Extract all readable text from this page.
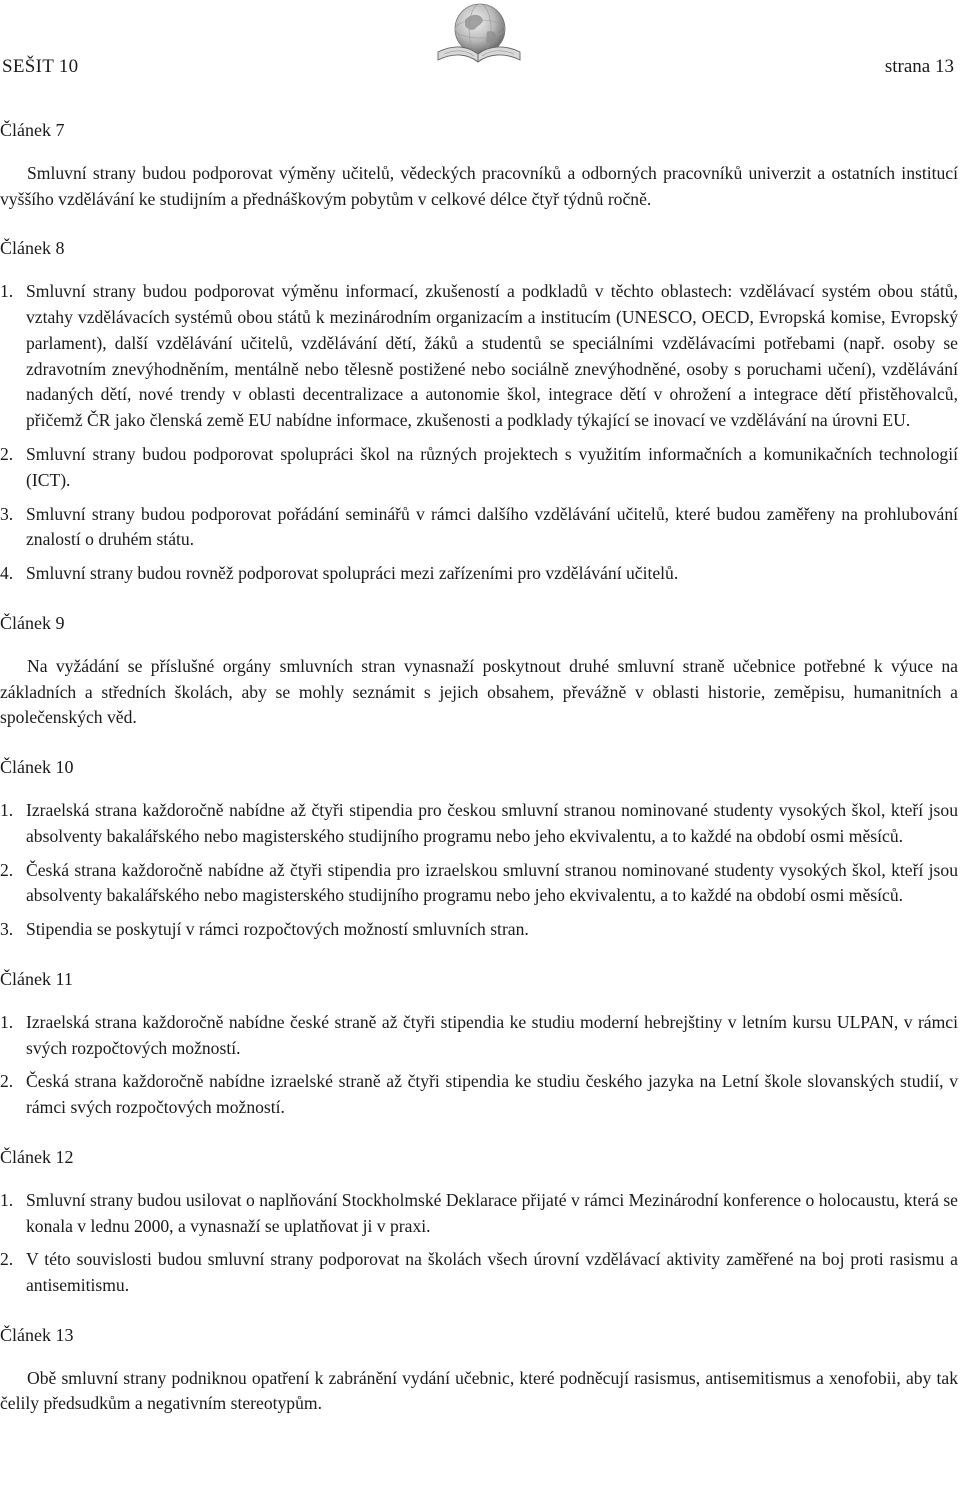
SEŠIT 10	strana 13
Článek 7

Smluvní strany budou podporovat výměny učitelů, vědeckých pracovníků a odborných pracovníků univerzit a ostatních institucí vyššího vzdělávání ke studijním a přednáškovým pobytům v celkové délce čtyř týdnů ročně.

Článek 8
1. Smluvní strany budou podporovat výměnu informací, zkušeností a podkladů v těchto oblastech: vzdělávací systém obou států, vztahy vzdělávacích systémů obou států k mezinárodním organizacím a institucím (UNESCO, OECD, Evropská komise, Evropský parlament), další vzdělávání učitelů, vzdělávání dětí, žáků a studentů se speciálními vzdělávacími potřebami (např. osoby se zdravotním znevýhodněním, mentálně nebo tělesně postižené nebo sociálně znevýhodněné, osoby s poruchami učení), vzdělávání nadaných dětí, nové trendy v oblasti decentralizace a autonomie škol, integrace dětí v ohrožení a integrace dětí přistěhovalců, přičemž ČR jako členská země EU nabídne informace, zkušenosti a podklady týkající se inovací ve vzdělávání na úrovni EU.
2. Smluvní strany budou podporovat spolupráci škol na různých projektech s využitím informačních a komunikačních technologií (ICT).
3. Smluvní strany budou podporovat pořádání seminářů v rámci dalšího vzdělávání učitelů, které budou zaměřeny na prohlubování znalostí o druhém státu.
4. Smluvní strany budou rovněž podporovat spolupráci mezi zařízeními pro vzdělávání učitelů.
Článek 9

Na vyžádání se příslušné orgány smluvních stran vynasnaží poskytnout druhé smluvní straně učebnice potřebné k výuce na základních a středních školách, aby se mohly seznámit s jejich obsahem, převážně v oblasti historie, zeměpisu, humanitních a společenských věd.

Článek 10
1. Izraelská strana každoročně nabídne až čtyři stipendia pro českou smluvní stranou nominované studenty vysokých škol, kteří jsou absolventy bakalářského nebo magisterského studijního programu nebo jeho ekvivalentu, a to každé na období osmi měsíců.
2. Česká strana každoročně nabídne až čtyři stipendia pro izraelskou smluvní stranou nominované studenty vysokých škol, kteří jsou absolventy bakalářského nebo magisterského studijního programu nebo jeho ekvivalentu, a to každé na období osmi měsíců.
3. Stipendia se poskytují v rámci rozpočtových možností smluvních stran.
Článek 11
1. Izraelská strana každoročně nabídne české straně až čtyři stipendia ke studiu moderní hebrejštiny v letním kursu ULPAN, v rámci svých rozpočtových možností.
2. Česká strana každoročně nabídne izraelské straně až čtyři stipendia ke studiu českého jazyka na Letní škole slovanských studií, v rámci svých rozpočtových možností.
Článek 12
1. Smluvní strany budou usilovat o naplňování Stockholmské Deklarace přijaté v rámci Mezinárodní konference o holocaustu, která se konala v lednu 2000, a vynasnaží se uplatňovat ji v praxi.
2. V této souvislosti budou smluvní strany podporovat na školách všech úrovní vzdělávací aktivity zaměřené na boj proti rasismu a antisemitismu.
Článek 13

Obě smluvní strany podniknou opatření k zabránění vydání učebnic, které podněcují rasismus, antisemitismus a xenofobii, aby tak čelily předsudkům a negativním stereotypům.
